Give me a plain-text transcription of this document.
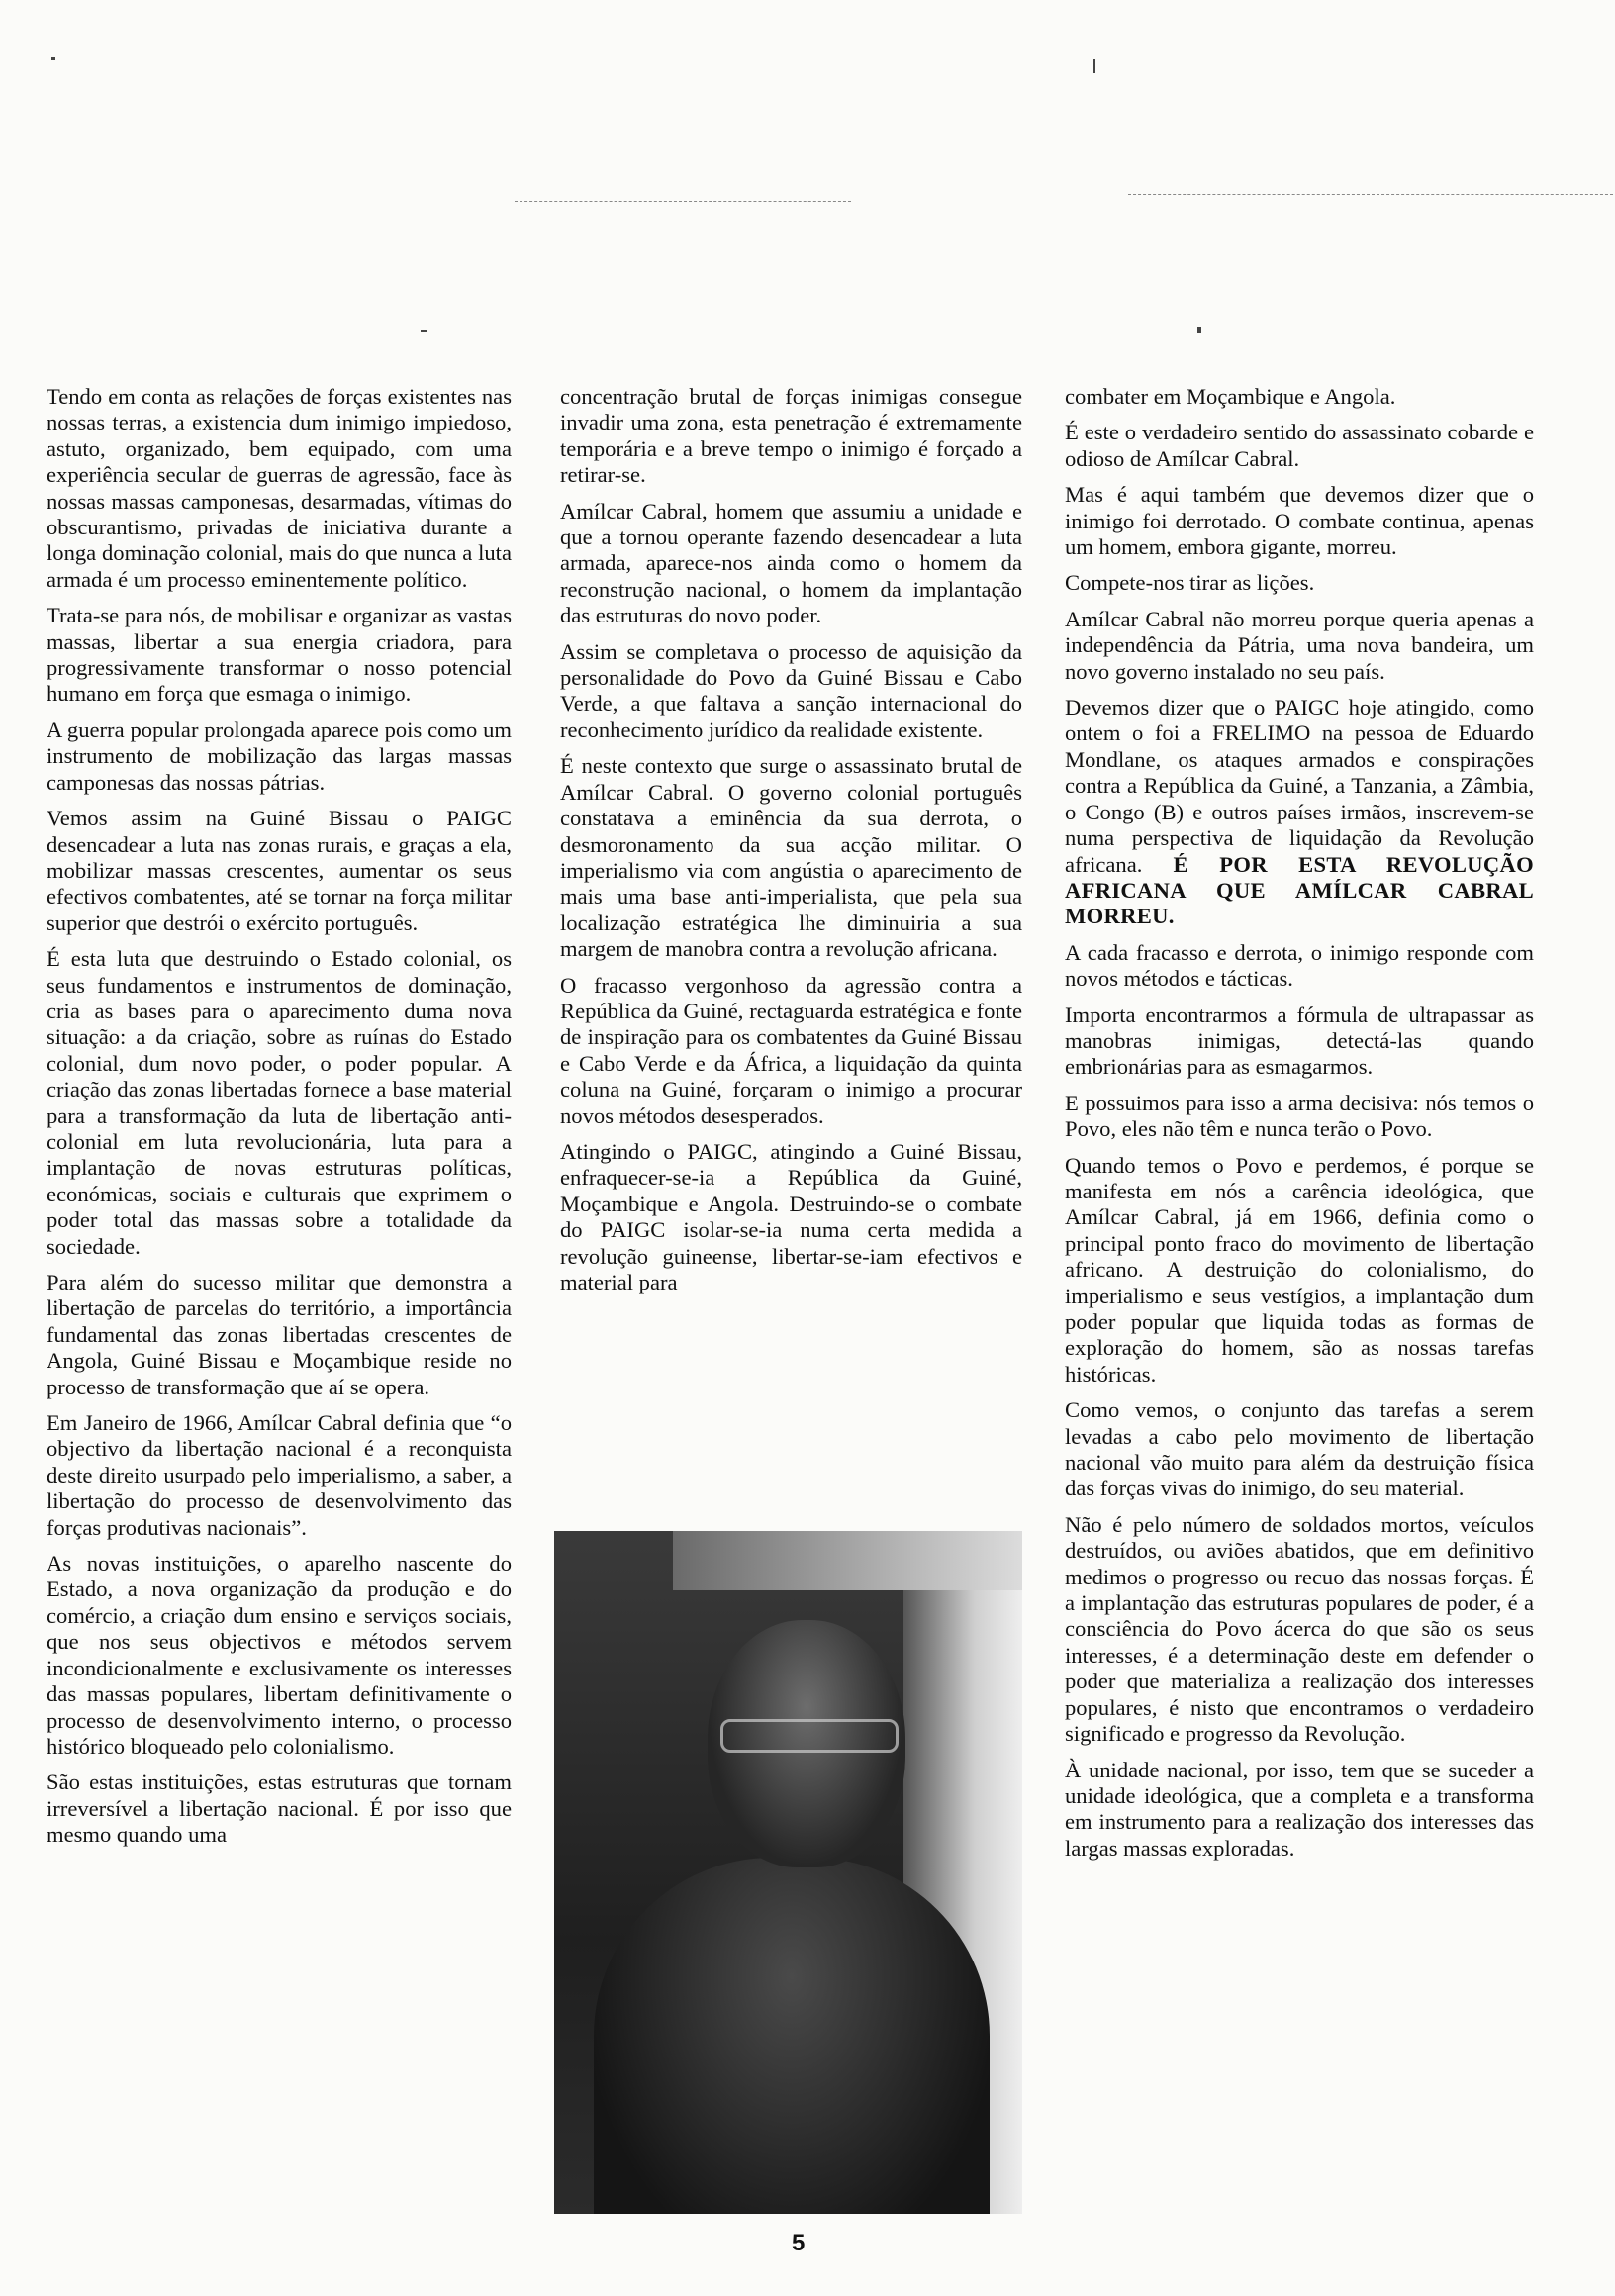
Tendo em conta as relações de forças existentes nas nossas terras, a existencia dum inimigo impiedoso, astuto, organizado, bem equipado, com uma experiência secular de guerras de agressão, face às nossas massas camponesas, desarmadas, vítimas do obscurantismo, privadas de iniciativa durante a longa dominação colonial, mais do que nunca a luta armada é um processo eminentemente político.

Trata-se para nós, de mobilisar e organizar as vastas massas, libertar a sua energia criadora, para progressivamente transformar o nosso potencial humano em força que esmaga o inimigo.

A guerra popular prolongada aparece pois como um instrumento de mobilização das largas massas camponesas das nossas pátrias.

Vemos assim na Guiné Bissau o PAIGC desencadear a luta nas zonas rurais, e graças a ela, mobilizar massas crescentes, aumentar os seus efectivos combatentes, até se tornar na força militar superior que destrói o exército português.

É esta luta que destruindo o Estado colonial, os seus fundamentos e instrumentos de dominação, cria as bases para o aparecimento duma nova situação: a da criação, sobre as ruínas do Estado colonial, dum novo poder, o poder popular. A criação das zonas libertadas fornece a base material para a transformação da luta de libertação anti-colonial em luta revolucionária, luta para a implantação de novas estruturas políticas, económicas, sociais e culturais que exprimem o poder total das massas sobre a totalidade da sociedade.

Para além do sucesso militar que demonstra a libertação de parcelas do território, a importância fundamental das zonas libertadas crescentes de Angola, Guiné Bissau e Moçambique reside no processo de transformação que aí se opera.

Em Janeiro de 1966, Amílcar Cabral definia que “o objectivo da libertação nacional é a reconquista deste direito usurpado pelo imperialismo, a saber, a libertação do processo de desenvolvimento das forças produtivas nacionais”.

As novas instituições, o aparelho nascente do Estado, a nova organização da produção e do comércio, a criação dum ensino e serviços sociais, que nos seus objectivos e métodos servem incondicionalmente e exclusivamente os interesses das massas populares, libertam definitivamente o processo de desenvolvimento interno, o processo histórico bloqueado pelo colonialismo.

São estas instituições, estas estruturas que tornam irreversível a libertação nacional. É por isso que mesmo quando uma

concentração brutal de forças inimigas consegue invadir uma zona, esta penetração é extremamente temporária e a breve tempo o inimigo é forçado a retirar-se.

Amílcar Cabral, homem que assumiu a unidade e que a tornou operante fazendo desencadear a luta armada, aparece-nos ainda como o homem da reconstrução nacional, o homem da implantação das estruturas do novo poder.

Assim se completava o processo de aquisição da personalidade do Povo da Guiné Bissau e Cabo Verde, a que faltava a sanção internacional do reconhecimento jurídico da realidade existente.

É neste contexto que surge o assassinato brutal de Amílcar Cabral. O governo colonial português constatava a eminência da sua derrota, o desmoronamento da sua acção militar. O imperialismo via com angústia o aparecimento de mais uma base anti-imperialista, que pela sua localização estratégica lhe diminuiria a sua margem de manobra contra a revolução africana.

O fracasso vergonhoso da agressão contra a República da Guiné, rectaguarda estratégica e fonte de inspiração para os combatentes da Guiné Bissau e Cabo Verde e da África, a liquidação da quinta coluna na Guiné, forçaram o inimigo a procurar novos métodos desesperados.

Atingindo o PAIGC, atingindo a Guiné Bissau, enfraquecer-se-ia a República da Guiné, Moçambique e Angola. Destruindo-se o combate do PAIGC isolar-se-ia numa certa medida a revolução guineense, libertar-se-iam efectivos e material para

combater em Moçambique e Angola.

É este o verdadeiro sentido do assassinato cobarde e odioso de Amílcar Cabral.

Mas é aqui também que devemos dizer que o inimigo foi derrotado. O combate continua, apenas um homem, embora gigante, morreu.

Compete-nos tirar as lições.

Amílcar Cabral não morreu porque queria apenas a independência da Pátria, uma nova bandeira, um novo governo instalado no seu país.

Devemos dizer que o PAIGC hoje atingido, como ontem o foi a FRELIMO na pessoa de Eduardo Mondlane, os ataques armados e conspirações contra a República da Guiné, a Tanzania, a Zâmbia, o Congo (B) e outros países irmãos, inscrevem-se numa perspectiva de liquidação da Revolução africana. É POR ESTA REVOLUÇÃO AFRICANA QUE AMÍLCAR CABRAL MORREU.

A cada fracasso e derrota, o inimigo responde com novos métodos e tácticas.

Importa encontrarmos a fórmula de ultrapassar as manobras inimigas, detectá-las quando embrionárias para as esmagarmos.

E possuimos para isso a arma decisiva: nós temos o Povo, eles não têm e nunca terão o Povo.

Quando temos o Povo e perdemos, é porque se manifesta em nós a carência ideológica, que Amílcar Cabral, já em 1966, definia como o principal ponto fraco do movimento de libertação africano. A destruição do colonialismo, do imperialismo e seus vestígios, a implantação dum poder popular que liquida todas as formas de exploração do homem, são as nossas tarefas históricas.

Como vemos, o conjunto das tarefas a serem levadas a cabo pelo movimento de libertação nacional vão muito para além da destruição física das forças vivas do inimigo, do seu material.

Não é pelo número de soldados mortos, veículos destruídos, ou aviões abatidos, que em definitivo medimos o progresso ou recuo das nossas forças. É a implantação das estruturas populares de poder, é a consciência do Povo ácerca do que são os seus interesses, é a determinação deste em defender o poder que materializa a realização dos interesses populares, é nisto que encontramos o verdadeiro significado e progresso da Revolução.

À unidade nacional, por isso, tem que se suceder a unidade ideológica, que a completa e a transforma em instrumento para a realização dos interesses das largas massas exploradas.

5
